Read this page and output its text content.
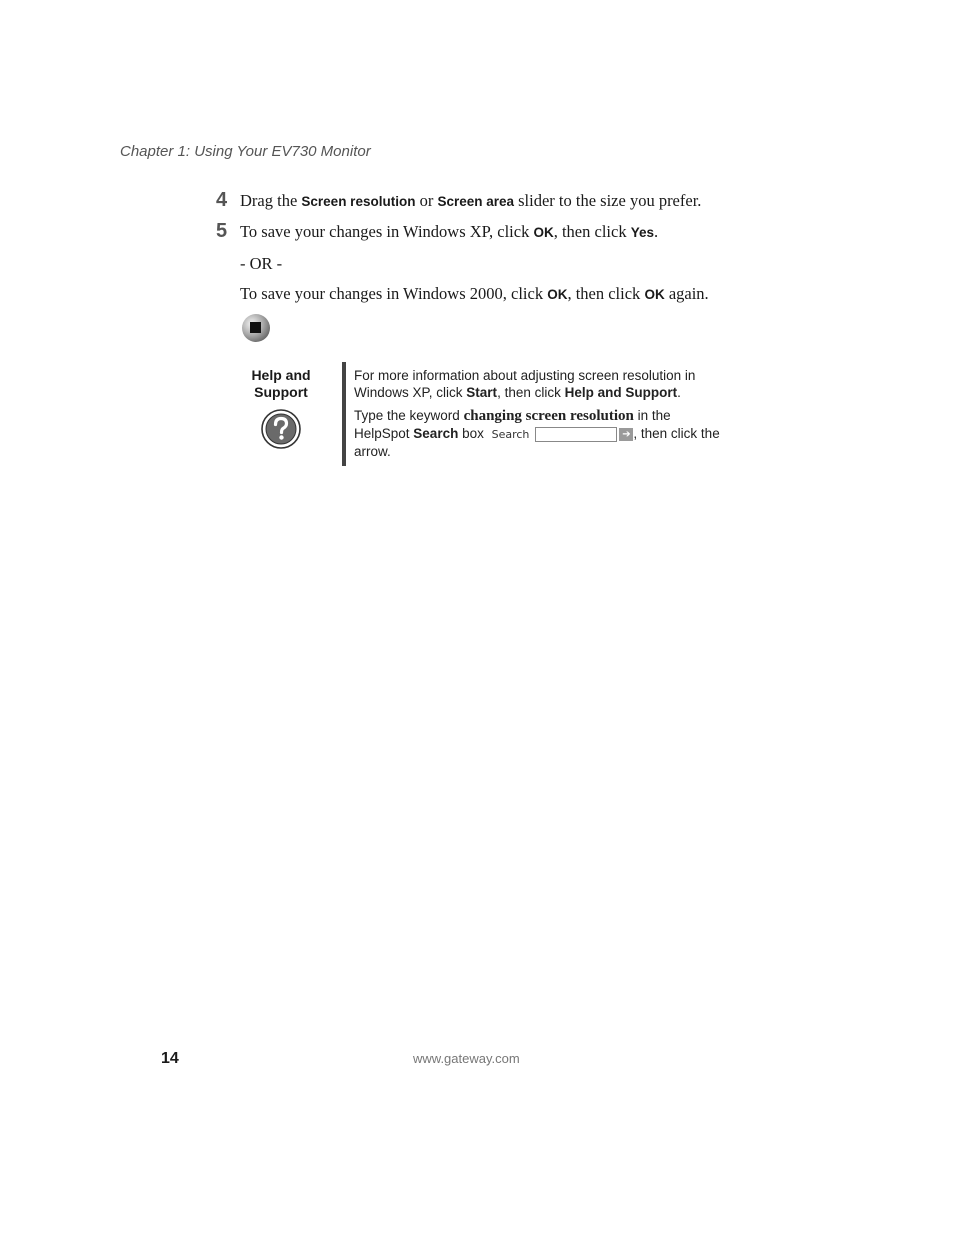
Chapter 1: Using Your EV730 Monitor
4 Drag the Screen resolution or Screen area slider to the size you prefer.
5 To save your changes in Windows XP, click OK, then click Yes.
- OR -
To save your changes in Windows 2000, click OK, then click OK again.
Help and
Support

For more information about adjusting screen resolution in Windows XP, click Start, then click Help and Support.

Type the keyword changing screen resolution in the HelpSpot Search box Search	➔ , then click the arrow.

14	www.gateway.com
